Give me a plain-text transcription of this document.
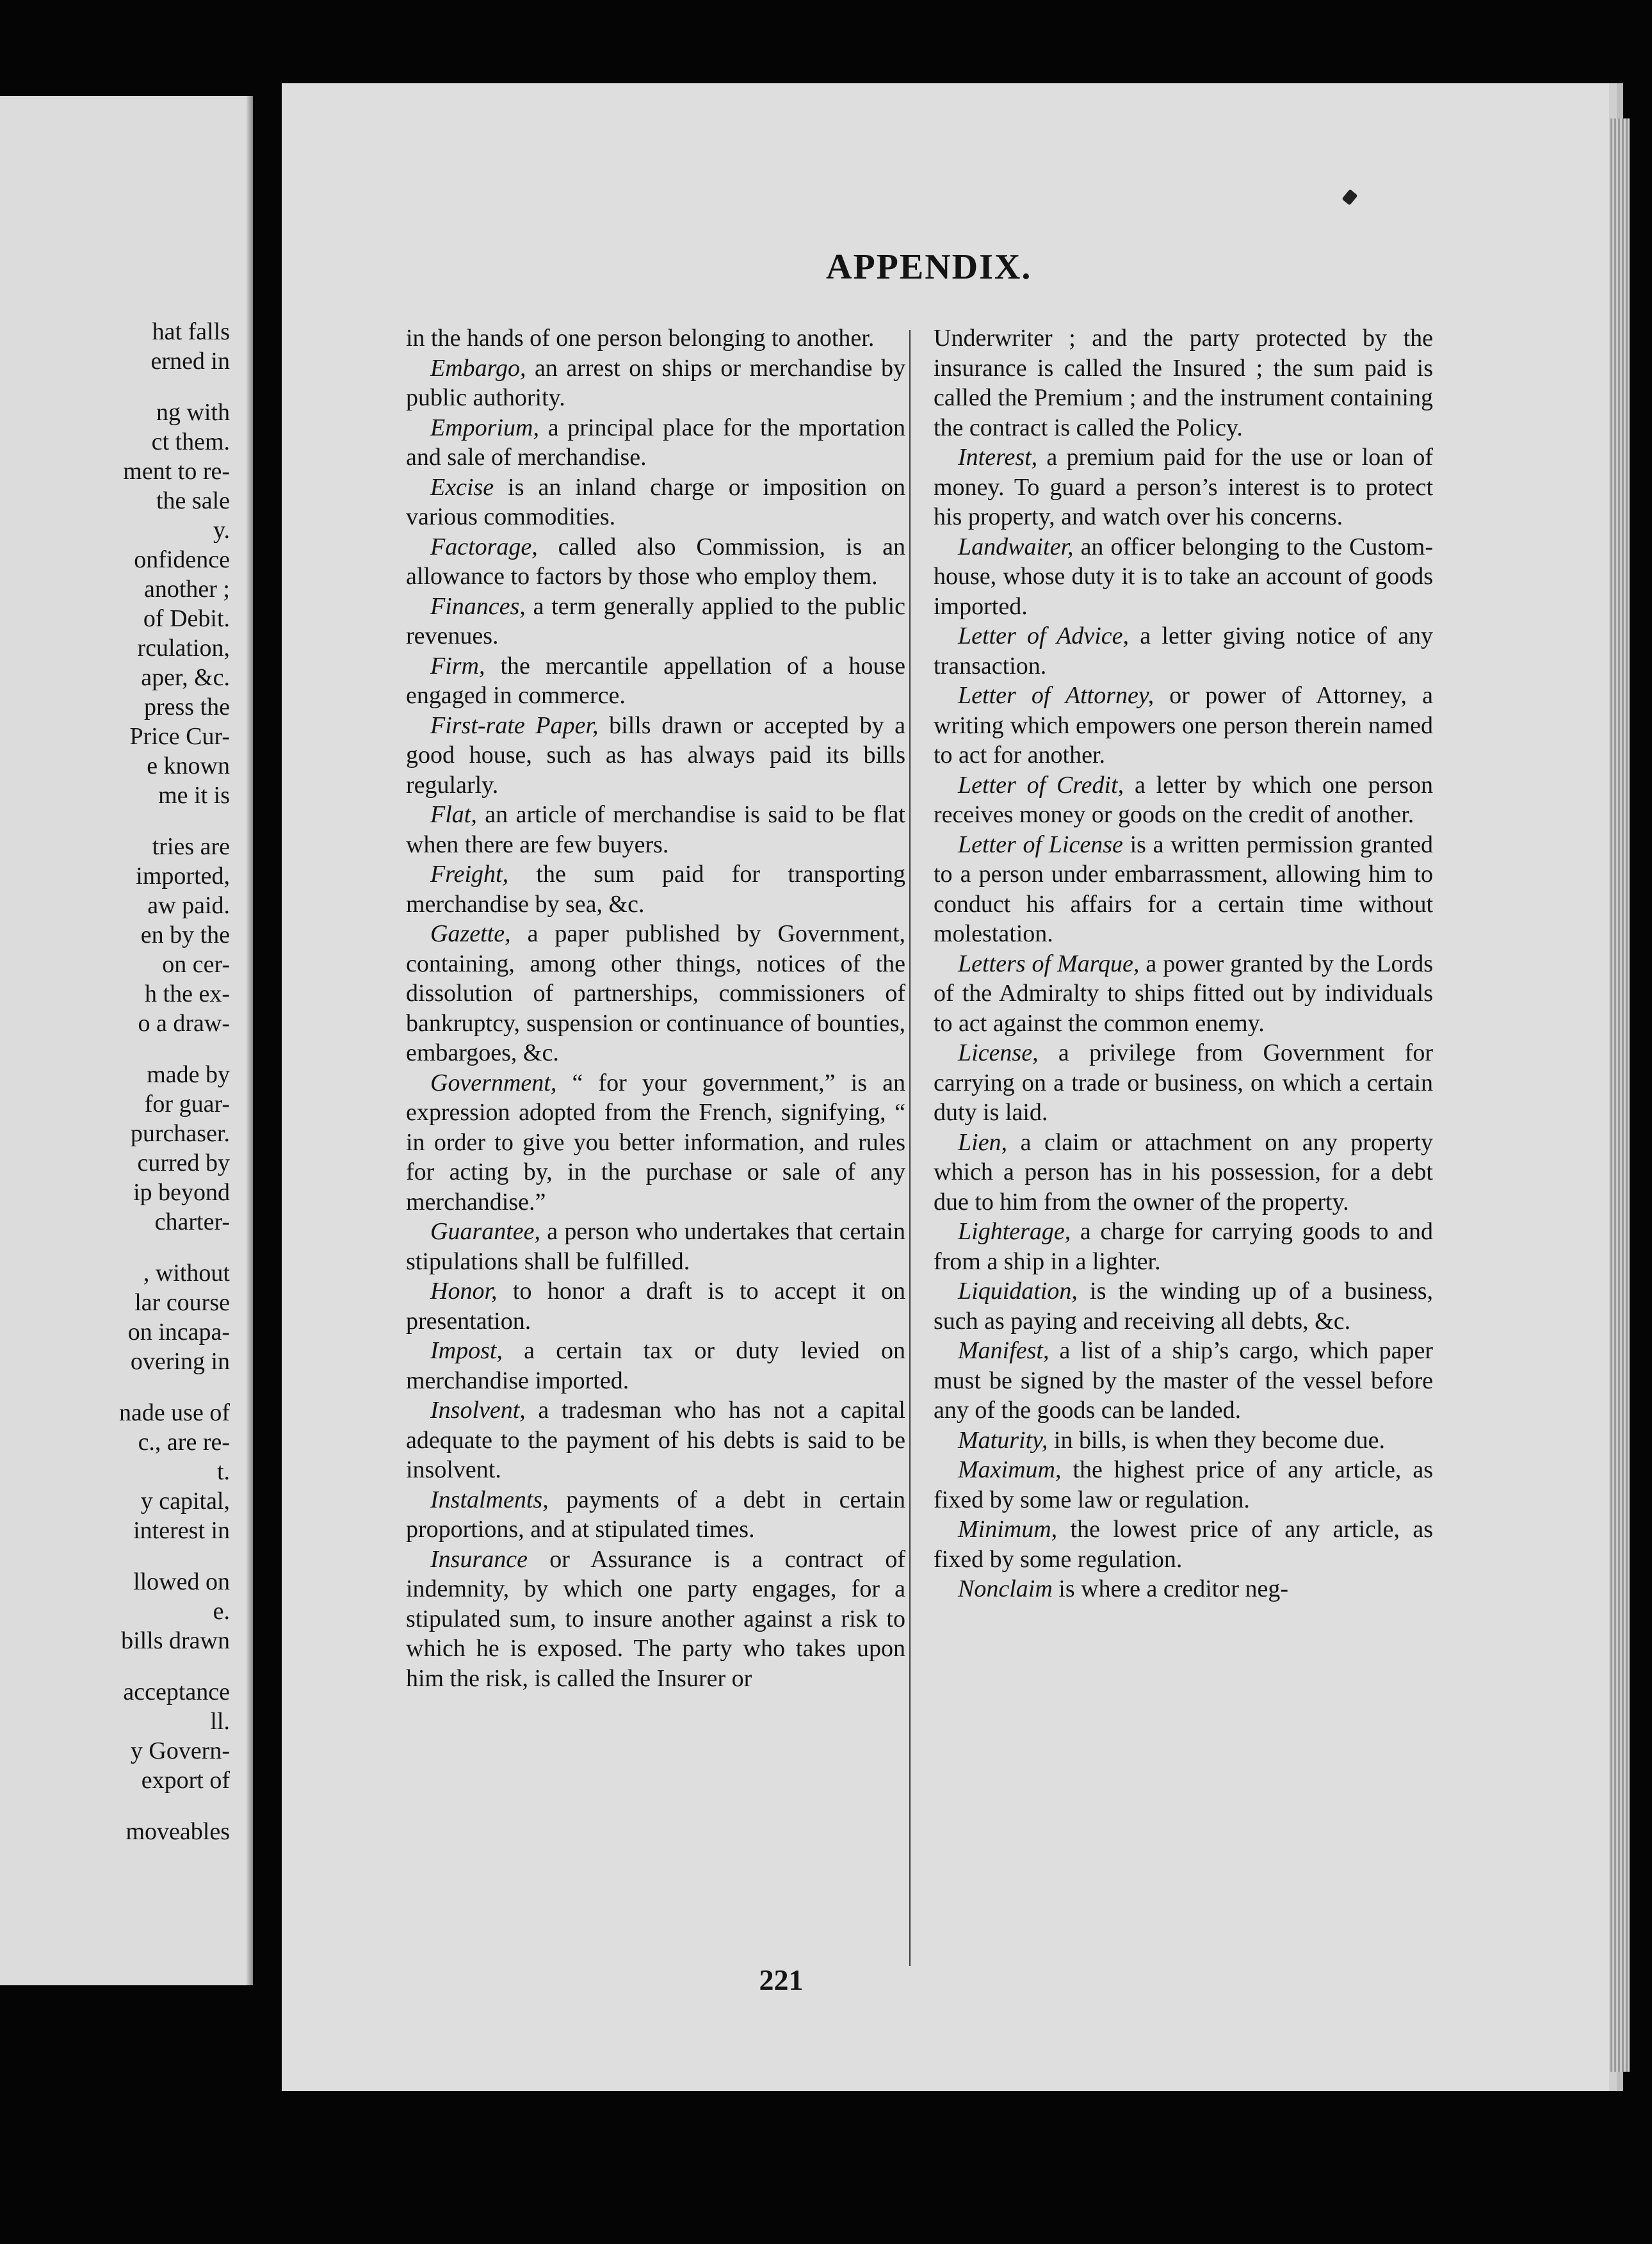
hat falls
erned in
ng with
ct them.
ment to re-
the sale
y.
onfidence
another ;
of Debit.
rculation,
aper, &c.
press the
Price Cur-
e known
me it is
tries are
imported,
aw paid.
en by the
on cer-
h the ex-
o a draw-
made by
for guar-
purchaser.
curred by
ip beyond
charter-
, without
lar course
on incapa-
overing in
nade use of
c., are re-
t.
y capital,
interest in
llowed on
e.
bills drawn
acceptance
ll.
y Govern-
export of
moveables
APPENDIX.
in the hands of one person belonging to another.
Embargo, an arrest on ships or merchandise by public authority.
Emporium, a principal place for the mportation and sale of merchandise.
Excise is an inland charge or imposition on various commodities.
Factorage, called also Commission, is an allowance to factors by those who employ them.
Finances, a term generally applied to the public revenues.
Firm, the mercantile appellation of a house engaged in commerce.
First-rate Paper, bills drawn or accepted by a good house, such as has always paid its bills regularly.
Flat, an article of merchandise is said to be flat when there are few buyers.
Freight, the sum paid for transporting merchandise by sea, &c.
Gazette, a paper published by Government, containing, among other things, notices of the dissolution of partnerships, commissioners of bankruptcy, suspension or continuance of bounties, embargoes, &c.
Government, “ for your government,” is an expression adopted from the French, signifying, “ in order to give you better information, and rules for acting by, in the purchase or sale of any merchandise.”
Guarantee, a person who undertakes that certain stipulations shall be fulfilled.
Honor, to honor a draft is to accept it on presentation.
Impost, a certain tax or duty levied on merchandise imported.
Insolvent, a tradesman who has not a capital adequate to the payment of his debts is said to be insolvent.
Instalments, payments of a debt in certain proportions, and at stipulated times.
Insurance or Assurance is a contract of indemnity, by which one party engages, for a stipulated sum, to insure another against a risk to which he is exposed. The party who takes upon him the risk, is called the Insurer or
Underwriter ; and the party protected by the insurance is called the Insured ; the sum paid is called the Premium ; and the instrument containing the contract is called the Policy.
Interest, a premium paid for the use or loan of money. To guard a person’s interest is to protect his property, and watch over his concerns.
Landwaiter, an officer belonging to the Custom-house, whose duty it is to take an account of goods imported.
Letter of Advice, a letter giving notice of any transaction.
Letter of Attorney, or power of Attorney, a writing which empowers one person therein named to act for another.
Letter of Credit, a letter by which one person receives money or goods on the credit of another.
Letter of License is a written permission granted to a person under embarrassment, allowing him to conduct his affairs for a certain time without molestation.
Letters of Marque, a power granted by the Lords of the Admiralty to ships fitted out by individuals to act against the common enemy.
License, a privilege from Government for carrying on a trade or business, on which a certain duty is laid.
Lien, a claim or attachment on any property which a person has in his possession, for a debt due to him from the owner of the property.
Lighterage, a charge for carrying goods to and from a ship in a lighter.
Liquidation, is the winding up of a business, such as paying and receiving all debts, &c.
Manifest, a list of a ship’s cargo, which paper must be signed by the master of the vessel before any of the goods can be landed.
Maturity, in bills, is when they become due.
Maximum, the highest price of any article, as fixed by some law or regulation.
Minimum, the lowest price of any article, as fixed by some regulation.
Nonclaim is where a creditor neg-
221
